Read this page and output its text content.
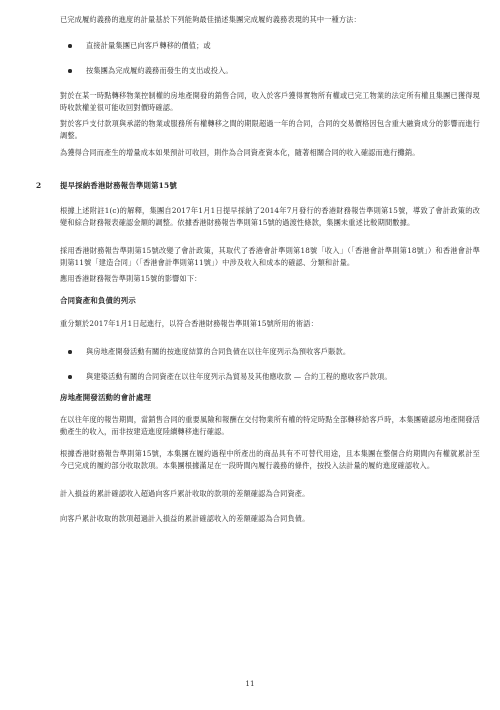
已完成履約義務的進度的計量基於下列能夠最佳描述集團完成履約義務表現的其中一種方法：

直接計量集團已向客戶轉移的價值；或
按集團為完成履約義務而發生的支出或投入。

對於在某一時點轉移物業控制權的房地產開發的銷售合同，收入於客戶獲得實物所有權或已完工物業的法定所有權且集團已獲得現時收款權並很可能收回對價時確認。

對於客戶支付款項與承諾的物業或服務所有權轉移之間的期限超過一年的合同，合同的交易價格因包含重大融資成分的影響而進行調整。

為獲得合同而產生的增量成本如果預計可收回，則作為合同資產資本化，隨著相關合同的收入確認而進行攤銷。

2	提早採納香港財務報告準則第15號

根據上述附註1(c)的解釋，集團自2017年1月1日提早採納了2014年7月發行的香港財務報告準則第15號，導致了會計政策的改變和綜合財務報表確認金額的調整。依據香港財務報告準則第15號的過渡性條款，集團未重述比較期間數據。

採用香港財務報告準則第15號改變了會計政策，其取代了香港會計準則第18號「收入」（「香港會計準則第18號」）和香港會計準則第11號「建造合同」（「香港會計準則第11號」）中涉及收入和成本的確認、分類和計量。

應用香港財務報告準則第15號的影響如下：

合同資產和負債的列示

重分類於2017年1月1日起進行，以符合香港財務報告準則第15號所用的術語：

與房地產開發活動有關的按進度結算的合同負債在以往年度列示為預收客戶賬款。
與建築活動有關的合同資產在以往年度列示為貿易及其他應收款 — 合約工程的應收客戶款項。
房地產開發活動的會計處理

在以往年度的報告期間，當銷售合同的重要風險和報酬在交付物業所有權的特定時點全部轉移給客戶時，本集團確認房地產開發活動產生的收入，而非按建造進度陸續轉移進行確認。

根據香港財務報告準則第15號，本集團在履約過程中所產出的商品具有不可替代用途，且本集團在整個合約期間內有權就累計至今已完成的履約部分收取款項。本集團根據滿足在一段時間內履行義務的條件，按投入法計量的履約進度確認收入。

計入損益的累計確認收入超過向客戶累計收取的款項的差額確認為合同資產。

向客戶累計收取的款項超過計入損益的累計確認收入的差額確認為合同負債。

11
